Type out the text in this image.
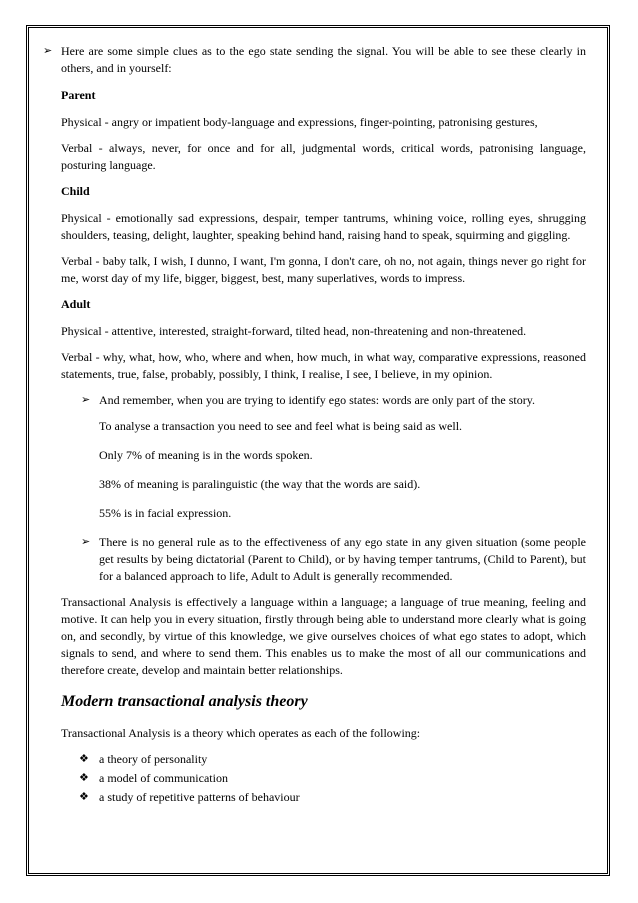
➢ Here are some simple clues as to the ego state sending the signal. You will be able to see these clearly in others, and in yourself:

Parent

Physical - angry or impatient body-language and expressions, finger-pointing, patronising gestures,

Verbal - always, never, for once and for all, judgmental words, critical words, patronising language, posturing language.

Child

Physical - emotionally sad expressions, despair, temper tantrums, whining voice, rolling eyes, shrugging shoulders, teasing, delight, laughter, speaking behind hand, raising hand to speak, squirming and giggling.

Verbal - baby talk, I wish, I dunno, I want, I'm gonna, I don't care, oh no, not again, things never go right for me, worst day of my life, bigger, biggest, best, many superlatives, words to impress.

Adult

Physical - attentive, interested, straight-forward, tilted head, non-threatening and non-threatened.

Verbal - why, what, how, who, where and when, how much, in what way, comparative expressions, reasoned statements, true, false, probably, possibly, I think, I realise, I see, I believe, in my opinion.

➢ And remember, when you are trying to identify ego states: words are only part of the story.
To analyse a transaction you need to see and feel what is being said as well.
Only 7% of meaning is in the words spoken.
38% of meaning is paralinguistic (the way that the words are said).
55% is in facial expression.
➢ There is no general rule as to the effectiveness of any ego state in any given situation (some people get results by being dictatorial (Parent to Child), or by having temper tantrums, (Child to Parent), but for a balanced approach to life, Adult to Adult is generally recommended.

Transactional Analysis is effectively a language within a language; a language of true meaning, feeling and motive. It can help you in every situation, firstly through being able to understand more clearly what is going on, and secondly, by virtue of this knowledge, we give ourselves choices of what ego states to adopt, which signals to send, and where to send them. This enables us to make the most of all our communications and therefore create, develop and maintain better relationships.

Modern transactional analysis theory

Transactional Analysis is a theory which operates as each of the following:

❖ a theory of personality
❖ a model of communication
❖ a study of repetitive patterns of behaviour
